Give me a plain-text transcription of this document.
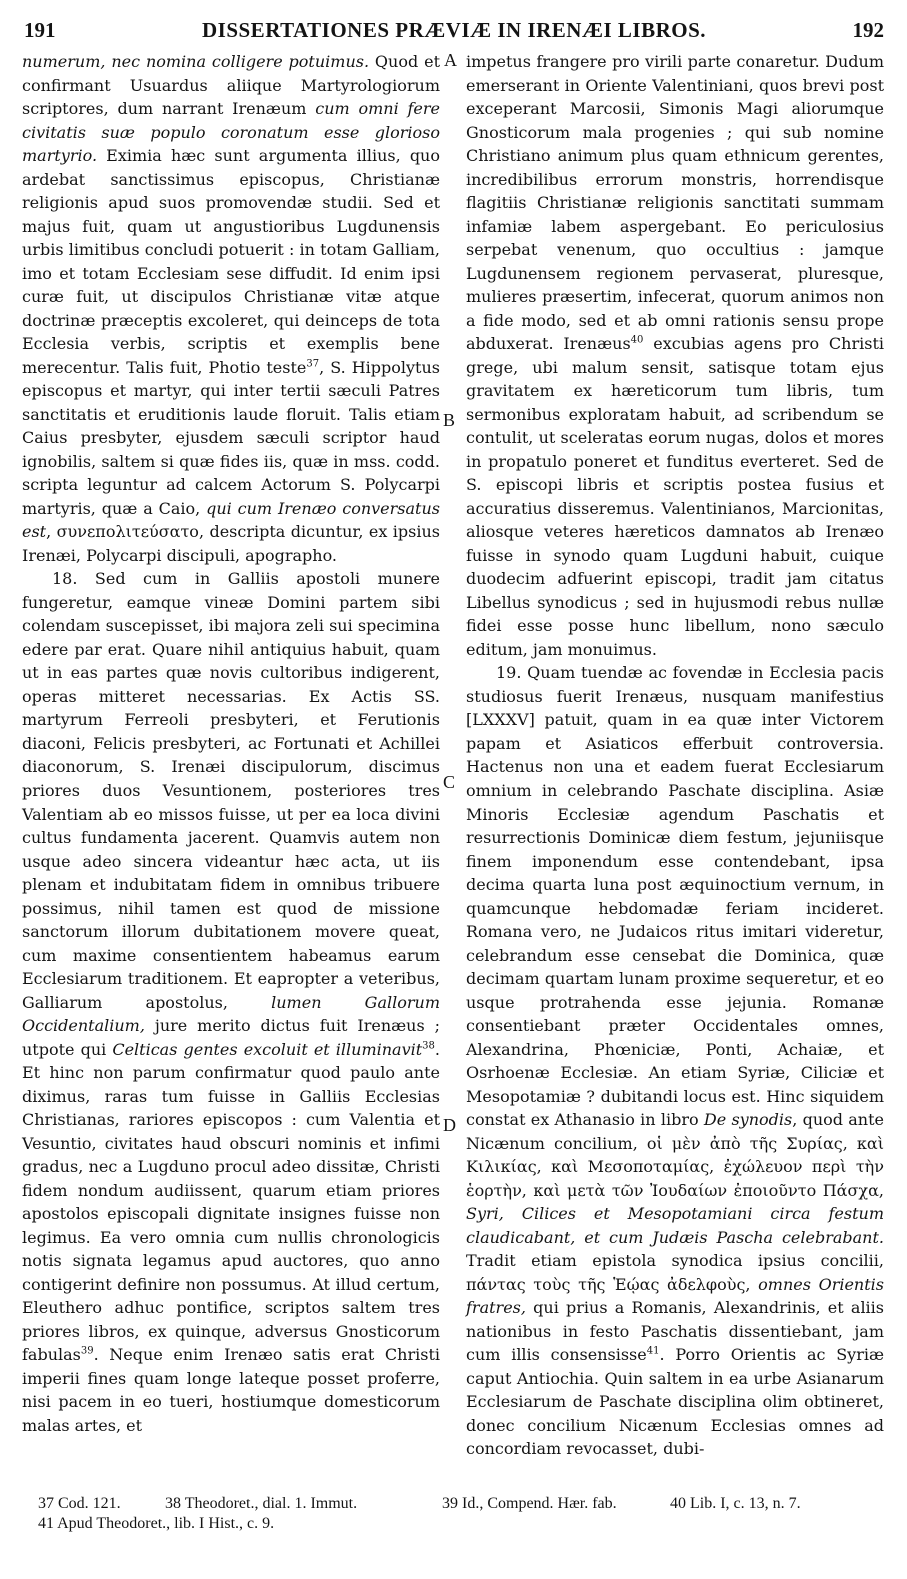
191	DISSERTATIONES PRÆVIÆ IN IRENÆI LIBROS.	192

numerum, nec nomina colligere potuimus. Quod et confirmant Usuardus aliique Martyrologiorum scriptores, dum narrant Irenæum cum omni fere civitatis suæ populo coronatum esse glorioso martyrio. Eximia hæc sunt argumenta illius, quo ardebat sanctissimus episcopus, Christianæ religionis apud suos promovendæ studii. Sed et majus fuit, quam ut angustioribus Lugdunensis urbis limitibus concludi potuerit : in totam Galliam, imo et totam Ecclesiam sese diffudit. Id enim ipsi curæ fuit, ut discipulos Christianæ vitæ atque doctrinæ præceptis excoleret, qui deinceps de tota Ecclesia verbis, scriptis et exemplis bene merecentur. Talis fuit, Photio teste$^{37}$, S. Hippolytus episcopus et martyr, qui inter tertii sæculi Patres sanctitatis et eruditionis laude floruit. Talis etiam Caius presbyter, ejusdem sæculi scriptor haud ignobilis, saltem si quæ fides iis, quæ in mss. codd. scripta leguntur ad calcem Actorum S. Polycarpi martyris, quæ a Caio, qui cum Irenæo conversatus est, συνεπολιτεύσατο, descripta dicuntur, ex ipsius Irenæi, Polycarpi discipuli, apographo.

18. Sed cum in Galliis apostoli munere fungeretur, eamque vineæ Domini partem sibi colendam suscepisset, ibi majora zeli sui specimina edere par erat. Quare nihil antiquius habuit, quam ut in eas partes quæ novis cultoribus indigerent, operas mitteret necessarias. Ex Actis SS. martyrum Ferreoli presbyteri, et Ferutionis diaconi, Felicis presbyteri, ac Fortunati et Achillei diaconorum, S. Irenæi discipulorum, discimus priores duos Vesuntionem, posteriores tres Valentiam ab eo missos fuisse, ut per ea loca divini cultus fundamenta jacerent. Quamvis autem non usque adeo sincera videantur hæc acta, ut iis plenam et indubitatam fidem in omnibus tribuere possimus, nihil tamen est quod de missione sanctorum illorum dubitationem movere queat, cum maxime consentientem habeamus earum Ecclesiarum traditionem. Et eapropter a veteribus, Galliarum apostolus, lumen Gallorum Occidentalium, jure merito dictus fuit Irenæus ; utpote qui Celticas gentes excoluit et illuminavit$^{38}$. Et hinc non parum confirmatur quod paulo ante diximus, raras tum fuisse in Galliis Ecclesias Christianas, rariores episcopos : cum Valentia et Vesuntio, civitates haud obscuri nominis et infimi gradus, nec a Lugduno procul adeo dissitæ, Christi fidem nondum audiissent, quarum etiam priores apostolos episcopali dignitate insignes fuisse non legimus. Ea vero omnia cum nullis chronologicis notis signata legamus apud auctores, quo anno contigerint definire non possumus. At illud certum, Eleuthero adhuc pontifice, scriptos saltem tres priores libros, ex quinque, adversus Gnosticorum fabulas$^{39}$. Neque enim Irenæo satis erat Christi imperii fines quam longe lateque posset proferre, nisi pacem in eo tueri, hostiumque domesticorum malas artes, et

A
B
C
D

impetus frangere pro virili parte conaretur. Dudum emerserant in Oriente Valentiniani, quos brevi post exceperant Marcosii, Simonis Magi aliorumque Gnosticorum mala progenies ; qui sub nomine Christiano animum plus quam ethnicum gerentes, incredibilibus errorum monstris, horrendisque flagitiis Christianæ religionis sanctitati summam infamiæ labem aspergebant. Eo periculosius serpebat venenum, quo occultius : jamque Lugdunensem regionem pervaserat, pluresque, mulieres præsertim, infecerat, quorum animos non a fide modo, sed et ab omni rationis sensu prope abduxerat. Irenæus$^{40}$ excubias agens pro Christi grege, ubi malum sensit, satisque totam ejus gravitatem ex hæreticorum tum libris, tum sermonibus exploratam habuit, ad scribendum se contulit, ut sceleratas eorum nugas, dolos et mores in propatulo poneret et funditus everteret. Sed de S. episcopi libris et scriptis postea fusius et accuratius disseremus. Valentinianos, Marcionitas, aliosque veteres hæreticos damnatos ab Irenæo fuisse in synodo quam Lugduni habuit, cuique duodecim adfuerint episcopi, tradit jam citatus Libellus synodicus ; sed in hujusmodi rebus nullæ fidei esse posse hunc libellum, nono sæculo editum, jam monuimus.

19. Quam tuendæ ac fovendæ in Ecclesia pacis studiosus fuerit Irenæus, nusquam manifestius [LXXXV] patuit, quam in ea quæ inter Victorem papam et Asiaticos efferbuit controversia. Hactenus non una et eadem fuerat Ecclesiarum omnium in celebrando Paschate disciplina. Asiæ Minoris Ecclesiæ agendum Paschatis et resurrectionis Dominicæ diem festum, jejuniisque finem imponendum esse contendebant, ipsa decima quarta luna post æquinoctium vernum, in quamcunque hebdomadæ feriam incideret. Romana vero, ne Judaicos ritus imitari videretur, celebrandum esse censebat die Dominica, quæ decimam quartam lunam proxime sequeretur, et eo usque protrahenda esse jejunia. Romanæ consentiebant præter Occidentales omnes, Alexandrina, Phœniciæ, Ponti, Achaiæ, et Osrhoenæ Ecclesiæ. An etiam Syriæ, Ciliciæ et Mesopotamiæ ? dubitandi locus est. Hinc siquidem constat ex Athanasio in libro De synodis, quod ante Nicænum concilium, οἱ μὲν ἀπὸ τῆς Συρίας, καὶ Κιλικίας, καὶ Μεσοποταμίας, ἐχώλευον περὶ τὴν ἑορτὴν, καὶ μετὰ τῶν Ἰουδαίων ἐποιοῦντο Πάσχα, Syri, Cilices et Mesopotamiani circa festum claudicabant, et cum Judæis Pascha celebrabant. Tradit etiam epistola synodica ipsius concilii, πάντας τοὺς τῆς Ἑῴας ἀδελφοὺς, omnes Orientis fratres, qui prius a Romanis, Alexandrinis, et aliis nationibus in festo Paschatis dissentiebant, jam cum illis consensisse$^{41}$. Porro Orientis ac Syriæ caput Antiochia. Quin saltem in ea urbe Asianarum Ecclesiarum de Paschate disciplina olim obtineret, donec concilium Nicænum Ecclesias omnes ad concordiam revocasset, dubi-

37 Cod. 121.	38 Theodoret., dial. 1. Immut.	39 Id., Compend. Hær. fab.	40 Lib. I, c. 13, n. 7.
41 Apud Theodoret., lib. I Hist., c. 9.
